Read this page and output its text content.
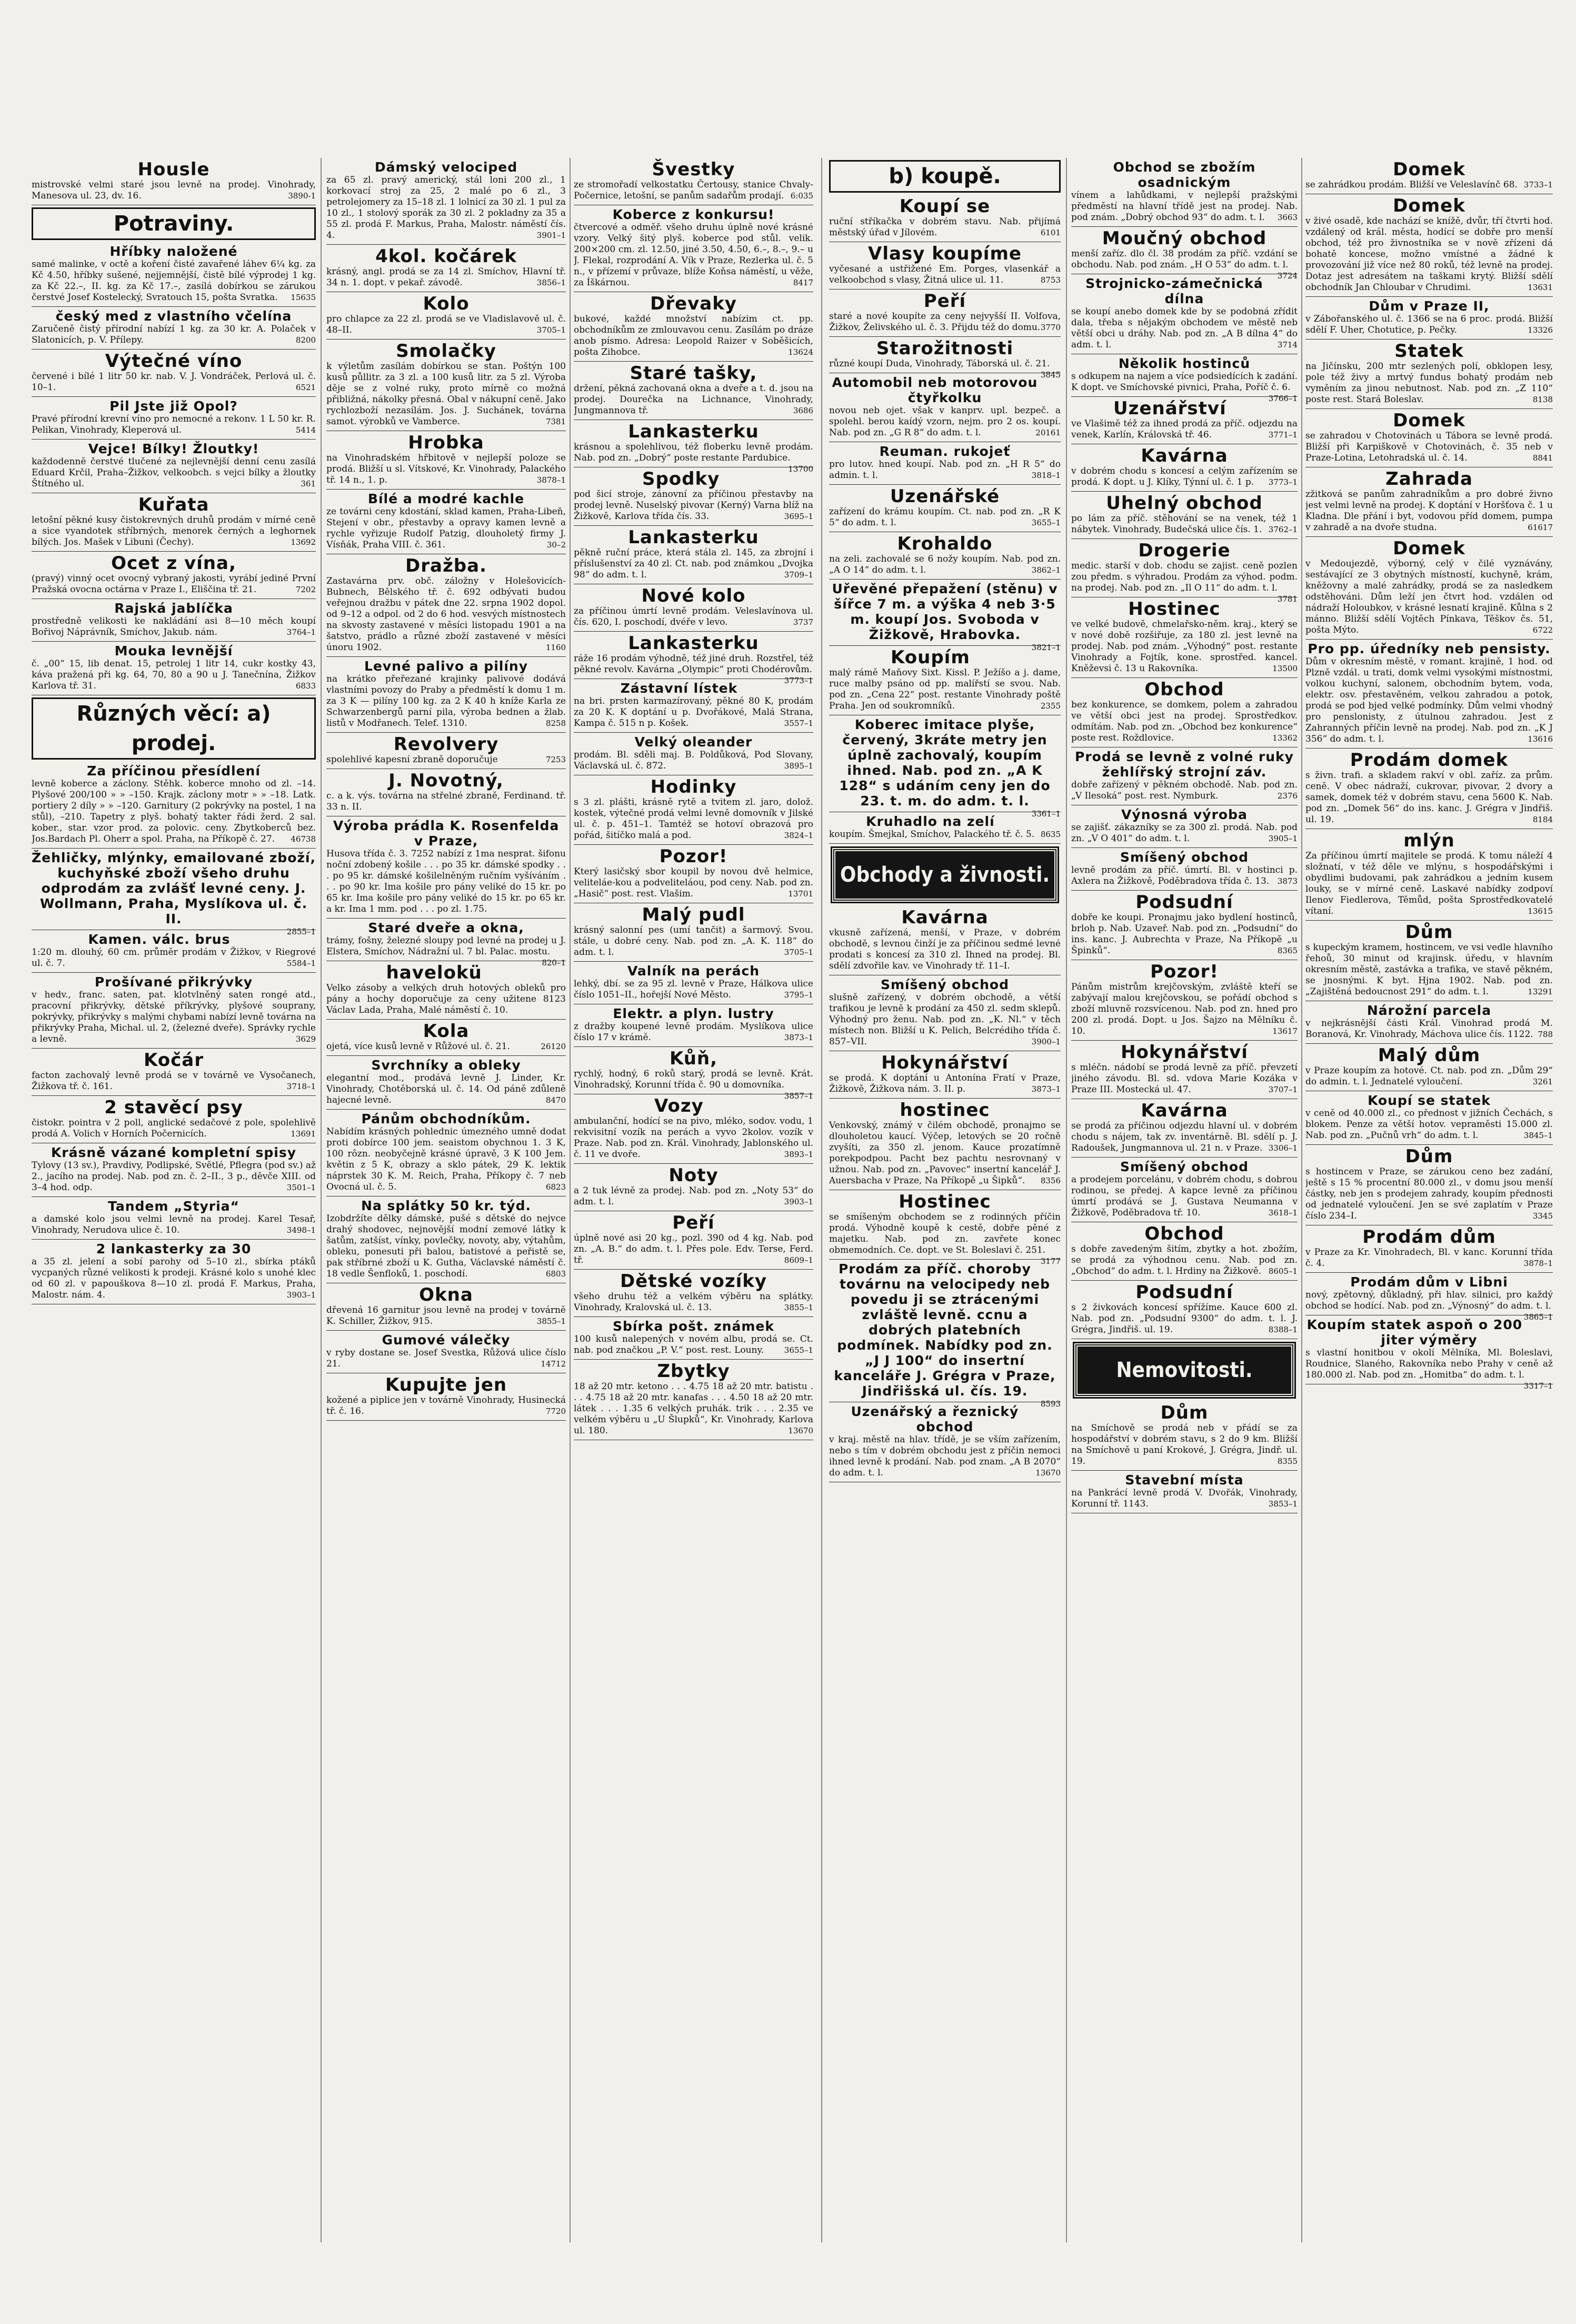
Housle
mistrovské velmi staré jsou levně na prodej. Vinohrady, Manesova ul. 23, dv. 16.	3890-1
Potraviny.
Hříbky naložené
samé malinke, v octě a koření čisté zavařené láhev 6¼ kg. za Kč 4.50, hříbky sušené, nejjemnější, čistě bílé výprodej 1 kg. za Kč 22.–, II. kg. za Kč 17.–, zasílá dobírkou se zárukou čerstvé Josef Kostelecký, Svratouch 15, pošta Svratka. 15635
český med z vlastního včelína
Zaručeně čistý přírodní nabízí 1 kg. za 30 kr. A. Polaček v Slatonicích, p. V. Přílepy.	8200
Výtečné víno
červené i bílé 1 litr 50 kr. nab. V. J. Vondráček, Perlová ul. č. 10–1.	6521
Pil Jste již Opol?
Pravé přírodní krevní víno pro nemocné a rekonv. 1 L 50 kr. R. Pelikan, Vinohrady, Kleperová ul.	5414
Vejce! Bílky! Žloutky!
každodenně čerstvé tlučené za nejlevnější denní cenu zasílá Eduard Krčil, Praha–Žižkov, velkoobch. s vejci bílky a žloutky Štítného ul.	361
Kuřata
letošní pěkné kusy čistokrevných druhů prodám v mírné ceně a sice vyandotek stříbrných, menorek černých a leghornek bílých. Jos. Mašek v Libuni (Čechy).	13692
Ocet z vína,
(pravý) vinný ocet ovocný vybraný jakosti, vyrábí jediné První Pražská ovocna octárna v Praze I., Eliščina tř. 21.	7202
Rajská jablíčka
prostředně velikosti ke nakládání asi 8—10 měch koupí Bořivoj Náprávník, Smíchov, Jakub. nám.	3764–1
Mouka levnější
č. „00“ 15, lib denat. 15, petrolej 1 litr 14, cukr kostky 43, káva pražená při kg. 64, 70, 80 a 90 u J. Tanečnína, Žižkov Karlova tř. 31.	6833
Různých věcí: a) prodej.
Za příčinou přesídlení
levně koberce a záclony. Stěhk. koberce mnoho od zl. –14. Plyšové 200/100 » » –150. Krajk. záclony motr » » –18. Latk. portiery 2 díly » » –120. Garnitury (2 pokrývky na postel, 1 na stůl), –210. Tapetry z plyš. bohatý takter řádi žerd. 2 sal. kober., star. vzor prod. za polovic. ceny. Zbytkoberců bez. Jos.Bardach Pl. Oherr a spol. Praha, na Příkopě č. 27. 46738
Žehličky, mlýnky, emailované zboží, kuchyňské zboží všeho druhu odprodám za zvlášť levné ceny. J. Wollmann, Praha, Myslíkova ul. č. II.
2855–1
Kamen. válc. brus
1:20 m. dlouhý, 60 cm. průměr prodám v Žižkov, v Riegrové ul. č. 7.	5584–1
Prošívané přikrývky
v hedv., franc. saten, pat. klotvlněný saten rongé atd., pracovní přikrývky, dětské příkrývky, plyšové souprany, pokrývky, přikrývky s malými chybami nabízí levně továrna na přikrývky Praha, Michal. ul. 2, (železné dveře). Správky rychle a levně.	3629
Kočár
facton zachovalý levně prodá se v továrně ve Vysočanech, Žižkova tř. č. 161.	3718–1
2 stavěcí psy
čistokr. pointra v 2 poll, anglické sedačové z pole, spolehlivě prodá A. Volich v Horních Počernicích.	13691
Krásně vázané kompletní spisy
Tylovy (13 sv.), Pravdivy, Podlipské, Světlé, Pflegra (pod sv.) až 2., jacího na prodej. Nab. pod zn. č. 2–II., 3 p., děvče XIII. od 3–4 hod. odp.	3501–1
Tandem „Styria“
a damské kolo jsou velmi levně na prodej. Karel Tesař, Vinohrady, Nerudova ulice č. 10.	3498–1
2 lankasterky za 30
a 35 zl. jelení a sobí parohy od 5–10 zl., sbírka ptáků vycpaných různé velikosti k prodeji. Krásné kolo s unohé klec od 60 zl. v papouškova 8—10 zl. prodá F. Markus, Praha, Malostr. nám. 4.	3903–1
Dámský velociped
za 65 zl. pravý americký, stál loni 200 zl., 1 korkovací stroj za 25, 2 malé po 6 zl., 3 petrolejomery za 15–18 zl. 1 lolnicí za 30 zl. 1 pul za 10 zl., 1 stolový sporák za 30 zl. 2 pokladny za 35 a 55 zl. prodá F. Markus, Praha, Malostr. náměstí čís. 4.	3901–1
4kol. kočárek
krásný, angl. prodá se za 14 zl. Smíchov, Hlavní tř. 34 n. 1. dopt. v pekař. závodě.	3856–1
Kolo
pro chlapce za 22 zl. prodá se ve Vladislavově ul. č. 48–II.	3705–1
Smolačky
k výletům zasílám dobírkou se stan. Poštýn 100 kusů půllitr. za 3 zl. a 100 kusů litr. za 5 zl. Výroba děje se z volné ruky, proto mírně co možná přibližná, nákolky přesná. Obal v nákupní ceně. Jako rychlozboží nezasílám. Jos. J. Suchánek, továrna samot. výrobků ve Vamberce.	7381
Hrobka
na Vinohradském hřbitově v nejlepší poloze se prodá. Bližší u sl. Vítskové, Kr. Vinohrady, Palackého tř. 14 n., 1. p.	3878–1
Bílé a modré kachle
ze továrni ceny kdostání, sklad kamen, Praha-Libeň, Stejení v obr., přestavby a opravy kamen levně a rychle vyřizuje Rudolf Patzig, dlouholetý firmy J. Vísňák, Praha VIII. č. 361.	30–2
Dražba.
Zastavárna prv. obč. záložny v Holešovicích-Bubnech, Bělského tř. č. 692 odbývati budou veřejnou dražbu v pátek dne 22. srpna 1902 dopol. od 9–12 a odpol. od 2 do 6 hod. vesvých místnostech na skvosty zastavené v měsíci listopadu 1901 a na šatstvo, prádlo a různé zboží zastavené v měsíci únoru 1902.	1160
Levné palivo a pilíny
na krátko přeřezané krajinky palivové dodává vlastními povozy do Praby a předměstí k domu 1 m. za 3 K — pilíny 100 kg. za 2 K 40 h kníže Karla ze Schwarzenbergů parní pila, výroba bednen a žlab. listů v Modřanech. Telef. 1310.	8258
Revolvery
spolehlivé kapesní zbraně doporučuje	7253
J. Novotný,
c. a k. výs. továrna na střelné zbraně, Ferdinand. tř. 33 n. II.
Výroba prádla K. Rosenfelda v Praze,
Husova třída č. 3. 7252 nabízí z 1ma nesprat. šifonu noční zdobený košile . . . po 35 kr. dámské spodky . . . po 95 kr. dámské košilelněným ručním vyšíváním . . . po 90 kr. Ima košile pro pány veliké do 15 kr. po 65 kr. Ima košile pro pány veliké do 15 kr. po 65 kr. a kr. Ima 1 mm. pod . . . po zl. 1.75.
Staré dveře a okna,
trámy, fošny, železné sloupy pod levné na prodej u J. Elstera, Smíchov, Nádražní ul. 7 bl. Palac. mostu.
820–1
havelokü
Velko zásoby a velkých druh hotových obleků pro pány a hochy doporučuje za ceny užitene 8123 Václav Lada, Praha, Malé náměstí č. 10.
Kola
ojetá, více kusů levně v Růžové ul. č. 21.	26120
Svrchníky a obleky
elegantní mod., prodává levně J. Linder, Kr. Vinohrady, Chotěborská ul. č. 14. Od páně zdůleně hajecné levně.	8470
Pánům obchodníkům.
Nabídím krásných pohlednic úmezného umně dodat proti dobírce 100 jem. seaistom obychnou 1. 3 K, 100 rôzn. neobyčejně krásné úpravě, 3 K 100 Jem. květin z 5 K, obrazy a sklo pátek, 29 K. lektik náprstek 30 K. M. Reich, Praha, Příkopy č. 7 neb Ovocná ul. č. 5.	6823
Na splátky 50 kr. týd.
Izobdržíte dělky dámské, pušé s dětské do nejvce drahý shodovec, nejnovější modní zemové látky k šatům, zatšíst, vínky, povlečky, novoty, aby, výtahům, obleku, ponesuti při balou, batistové a peřistě se, pak stříbrné zboží u K. Gutha, Václavské náměstí č. 18 vedle Šenfloků, 1. poschodí.	6803
Okna
dřevená 16 garnitur jsou levně na prodej v továrně K. Schiller, Žižkov, 915.	3855–1
Gumové válečky
v ryby dostane se. Josef Svestka, Růžová ulice číslo 21.	14712
Kupujte jen
kožené a piplice jen v továrně Vinohrady, Husinecká tř. č. 16.	7720
Švestky
ze stromořadí velkostatku Čertousy, stanice Chvaly-Počernice, letošní, se panům sadařům prodají. 6:035
Koberce z konkursu!
čtvercové a odměř. všeho druhu úplně nové krásné vzory. Velký šitý plyš. koberce pod stůl. velik. 200×200 cm. zl. 12.50, jiné 3.50, 4.50, 6.–, 8.–, 9.– u J. Flekal, rozprodání A. Vík v Praze, Rezlerka ul. č. 5 n., v přízemí v průvaze, blíže Koňsa náměstí, u věže, za Íškárnou.	8417
Dřevaky
bukové, každé množství nabízim ct. pp. obchodníkům ze zmlouvavou cenu. Zasílám po dráze anob písmo. Adresa: Leopold Raizer v Soběšicích, pošta Zihobce.	13624
Staré tašky,
držení, pěkná zachovaná okna a dveře a t. d. jsou na prodej. Dourečka na Lichnance, Vinohrady, Jungmannova tř.	3686
Lankasterku
krásnou a spolehlivou, též floberku levně prodám. Nab. pod zn. „Dobrý“ poste restante Pardubice.
13700
Spodky
pod šicí stroje, zánovní za příčinou přestavby na prodej levně. Nuselský pivovar (Kerný) Varna blíž na Žižkově, Karlova třída čís. 33.	3695–1
Lankasterku
pěkně ruční práce, která stála zl. 145, za zbrojní i příslušenství za 40 zl. Ct. nab. pod známkou „Dvojka 98“ do adm. t. l.	3709–1
Nové kolo
za příčinou úmrtí levně prodám. Veleslavínova ul. čís. 620, I. poschodí, dvéře v levo.	3737
Lankasterku
ráže 16 prodám výhodně, též jiné druh. Rozstřel, též pěkné revolv. Kavárna „Olympic“ proti Chodérovům.
3773–1
Zástavní lístek
na bri. prsten karmazírovaný, pěkné 80 K, prodám za 20 K. K doptání u p. Dvořákové, Malá Strana, Kampa č. 515 n p. Košek.	3557–1
Velký oleander
prodám. Bl. sděli maj. B. Poldůková, Pod Slovany, Václavská ul. č. 872.	3895–1
Hodinky
s 3 zl. plášti, krásně rytě a tvitem zl. jaro, dolož. kostek, výtečné prodá velmi levně domovník v Jilské ul. č. p. 451–1. Tamtéž se hotoví obrazová pro pořád, šitíčko malá a pod.	3824–1
Pozor!
Který lasičský sbor koupil by novou dvě helmice, veliteláe-kou a podveliteláou, pod ceny. Nab. pod zn. „Hasič“ post. rest. Vlašim.	13701
Malý pudl
krásný salonní pes (umí tančit) a šarmový. Svou. stále, u dobré ceny. Nab. pod zn. „A. K. 118“ do adm. t. l.	3705–1
Valník na perách
lehký, dbí. se za 95 zl. levně v Praze, Hálkova ulice číslo 1051–II., hořejší Nové Město.	3795–1
Elektr. a plyn. lustry
z dražby koupené levně prodám. Myslíkova ulice číslo 17 v krámě.	3873–1
Kůň,
rychlý, hodný, 6 roků starý, prodá se levně. Krát. Vinohradský, Korunní třída č. 90 u domovníka.
3857–1
Vozy
ambulanční, hodící se na pivo, mléko, sodov. vodu, 1 rekvisitní vozík na perách a vyvo 2kolov. vozík v Praze. Nab. pod zn. Král. Vinohrady, Jablonského ul. č. 11 ve dvoře.	3893–1
Noty
a 2 tuk lévně za prodej. Nab. pod zn. „Noty 53“ do adm. t. l.	3903–1
Peří
úplně nové asi 20 kg., pozl. 390 od 4 kg. Nab. pod zn. „A. B.“ do adm. t. l. Přes pole. Edv. Terse, Ferd. tř.	8609–1
Dětské vozíky
všeho druhu též a velkém výběru na splátky. Vinohrady, Kralovská ul. č. 13.	3855–1
Sbírka pošt. známek
100 kusů nalepených v novém albu, prodá se. Ct. nab. pod značkou „P. V.“ post. rest. Louny.	3655–1
Zbytky
18 až 20 mtr. ketono . . . 4.75 18 až 20 mtr. batistu . . . 4.75 18 až 20 mtr. kanafas . . . 4.50 18 až 20 mtr. látek . . . 1.35 6 velkých pruhák. trik . . . 2.35 ve velkém výběru u „U Šlupků“, Kr. Vinohrady, Karlova ul. 180.	13670
b) koupě.
Koupí se
ruční stříkačka v dobrém stavu. Nab. přijímá městský úřad v Jílovém.	6101
Vlasy koupíme
vyčesané a ustřižené Em. Porges, vlasenkář a velkoobchod s vlasy, Žitná ulice ul. 11.	8753
Peří
staré a nové koupíte za ceny nejvyšší II. Volfova, Žižkov, Želivského ul. č. 3. Přijdu též do domu. 3770
Starožitnosti
různé koupí Duda, Vinohrady, Táborská ul. č. 21.
3845
Automobil neb motorovou čtyřkolku
novou neb ojet. však v kanprv. upl. bezpeč. a spolehl. berou kaídý vzorn, nejm. pro 2 os. koupí. Nab. pod zn. „G R 8“ do adm. t. l.	20161
Reuman. rukojeť
pro lutov. hned koupí. Nab. pod zn. „H R 5“ do admin. t. l.	3818–1
Uzenářské
zařízení do krámu koupím. Ct. nab. pod zn. „R K 5“ do adm. t. l.	3655–1
Krohaldo
na zeli. zachovalé se 6 nožy koupím. Nab. pod zn. „A O 14“ do adm. t. l.	3862–1
Uřevěné přepažení (stěnu) v šířce 7 m. a výška 4 neb 3·5 m. koupí Jos. Svoboda v Žižkově, Hrabovka.
3821–1
Koupím
malý rámě Maňovy Sixt. Kissl. P. Ježíšo a j. dame, ruce malby psáno od pp. malířstí se svou. Nab. pod zn. „Cena 22“ post. restante Vinohrady poště Praha. Jen od soukromníků.	2355
Koberec imitace plyše, červený, 3kráte metry jen úplně zachovalý, koupím ihned. Nab. pod zn. „A K 128“ s udáním ceny jen do 23. t. m. do adm. t. l.
3361–1
Kruhadlo na zelí
koupím. Šmejkal, Smíchov, Palackého tř. č. 5. 8635
Obchody a živnosti.
Kavárna
vkusně zařízená, menší, v Praze, v dobrém obchodě, s levnou činží je za příčinou sedmé levné prodati s koncesí za 310 zl. Ihned na prodej. Bl. sdělí zdvořile kav. ve Vinohrady tř. 11–I.
Smíšený obchod
slušně zařízený, v dobrém obchodě, a větší trafikou je levně k prodání za 450 zl. sedm sklepů. Výhodný pro ženu. Nab. pod zn. „K. Nl.“ v těch místech non. Bližší u K. Pelich, Belcrédiho třída č. 857–VII.	3900–1
Hokynářství
se prodá. K doptání u Antonína Fratí v Praze, Žižkově, Žižkova nám. 3. II. p.	3873–1
hostinec
Venkovský, známý v čilém obchodě, pronajmo se dlouholetou kaucí. Výčep, letových se 20 ročně zvyšíti, za 350 zl. jenom. Kauce prozatímně porekpodpou. Pacht bez pachtu nesrovnaný v užnou. Nab. pod zn. „Pavovec“ insertní kancelář J. Auersbacha v Praze, Na Příkopě „u Šipků“. 8356
Hostinec
se smíšeným obchodem se z rodinných příčin prodá. Výhodně koupě k cestě, dobře pěné z majetku. Nab. pod zn. zavřete konec obmemodních. Ce. dopt. ve St. Boleslavi č. 251.
3177
Prodám za příč. choroby továrnu na velocipedy neb povedu ji se ztrácenými zvláště levně. ccnu a dobrých platebních podmínek. Nabídky pod zn. „J J 100“ do insertní kanceláře J. Grégra v Praze, Jindřišská ul. čís. 19.
8593
Uzenářský a řeznický obchod
v kraj. městě na hlav. třídě, je se vším zařízením, nebo s tím v dobrém obchodu jest z příčin nemoci ihned levně k prodání. Nab. pod znam. „A B 2070“ do adm. t. l.	13670
Obchod se zbožím osadnickým
vínem a lahůdkami, v nejlepší pražskými předměstí na hlavní třídě jest na prodej. Nab. pod znám. „Dobrý obchod 93“ do adm. t. l. 3663
Moučný obchod
menší zaříz. dlo čl. 38 prodám za příč. vzdání se obchodu. Nab. pod znám. „H O 53“ do adm. t. l.
3724
Strojnicko-zámečnická dílna
se koupí anebo domek kde by se podobná zřídit dala, třeba s nějakým obchodem ve městě neb větší obci u dráhy. Nab. pod zn. „A B dílna 4“ do adm. t. l.	3714
Několik hostinců
s odkupem na najem a více podsiedících k zadání. K dopt. ve Smíchovské pivnici, Praha, Poříč č. 6.
3766–1
Uzenářství
ve Vlašimě též za ihned prodá za příč. odjezdu na venek, Karlín, Královská tř. 46.	3771–1
Kavárna
v dobrém chodu s koncesí a celým zařízením se prodá. K dopt. u J. Klíky, Týnní ul. č. 1 p. 3773–1
Uhelný obchod
po lám za příč. stěhování se na venek, též 1 nábytek. Vinohrady, Budečská ulice čís. 1. 3762–1
Drogerie
medic. starší v dob. chodu se zajist. ceně pozlen zou předm. s výhradou. Prodám za výhod. podm. na prodej. Nab. pod zn. „Il O 11“ do adm. t. l.
3781
Hostinec
ve velké budově, chmelařsko-něm. kraj., který se v nové době rozšiřuje, za 180 zl. jest levně na prodej. Nab. pod znám. „Výhodný“ post. restante Vinohrady a Fojtík, kone. sprostřed. kancel. Kněževsi č. 13 u Rakovníka.	13500
Obchod
bez konkurence, se domkem, polem a zahradou ve větší obci jest na prodej. Sprostředkov. odmítám. Nab. pod zn. „Obchod bez konkurence“ poste rest. Roždlovice.	13362
Prodá se levně z volné ruky žehlířský strojní záv.
dobře zařízený v pěkném obchodě. Nab. pod zn. „V Ilesoká“ post. rest. Nymburk.	2376
Výnosná výroba
se zajišť. zákazníky se za 300 zl. prodá. Nab. pod zn. „V O 401“ do adm. t. l.	3905–1
Smíšený obchod
levně prodám za příč. úmrtí. Bl. v hostinci p. Axlera na Žižkově, Poděbradova třída č. 13. 3873
Podsudní
dobře ke koupi. Pronajmu jako bydlení hostinců, brloh p. Nab. Uzaveř. Nab. pod zn. „Podsudní“ do ins. kanc. J. Aubrechta v Praze, Na Příkopě „u Špinků“.	8365
Pozor!
Pánům mistrům krejčovským, zvláště kteří se zabývají malou krejčovskou, se pořádí obchod s zboží mluvně rozsvícenou. Nab. pod zn. hned pro 200 zl. prodá. Dopt. u Jos. Šajzo na Mělníku č. 10.	13617
Hokynářství
s mléčn. nádobí se prodá levně za příč. převzetí jiného závodu. Bl. sd. vdova Marie Kozáka v Praze III. Mostecká ul. 47.	3707–1
Kavárna
se prodá za příčinou odjezdu hlavní ul. v dobrém chodu s nájem, tak zv. inventárně. Bl. sdělí p. J. Radoušek, Jungmannova ul. 21 n. v Praze. 3306–1
Smíšený obchod
a prodejem porcelánu, v dobrém chodu, s dobrou rodinou, se předej. A kapce levně za příčinou úmrtí prodává se J. Gustava Neumanna v Žižkově, Poděbradova tř. 10.	3618–1
Obchod
s dobře zavedeným šitím, zbytky a hot. zbožím, se prodá za výhodnou cenu. Nab. pod zn. „Obchod“ do adm. t. l. Hrdiny na Žižkově. 8605–1
Podsudní
s 2 živkovách koncesí spřížíme. Kauce 600 zl. Nab. pod zn. „Podsudní 9300“ do adm. t. l. J. Grégra, Jindřiš. ul. 19.	8388–1
Nemovitosti.
Dům
na Smíchově se prodá neb v přádí se za hospodářství v dobrém stavu, s 2 do 9 km. Bližší na Smíchově u paní Krokové, J. Grégra, Jindř. ul. 19.	8355
Stavební místa
na Pankrácí levně prodá V. Dvořák, Vinohrady, Korunní tř. 1143.	3853–1
Domek
se zahrádkou prodám. Bližší ve Veleslavínč 68. 3733–1
Domek
v živé osadě, kde nachází se knížě, dvůr, tří čtvrti hod. vzdálený od král. města, hodící se dobře pro menší obchod, též pro živnostníka se v nově zřízeni dá bohatě koncese, možno vmístné a žádné k provozování již více než 80 roků, též levně na prodej. Dotaz jest adresátem na taškami krytý. Bližší sdělí obchodník Jan Chloubar v Chrudimi.	13631
Dům v Praze II,
v Zábořanského ul. č. 1366 se na 6 proc. prodá. Bližší sdělí F. Uher, Chotutice, p. Pečky.	13326
Statek
na Jičínsku, 200 mtr sezlených polí, obklopen lesy, pole též živy a mrtvý fundus bohatý prodám neb vyměním za jinou nebutnost. Nab. pod zn. „Z 110“ poste rest. Stará Boleslav.	8138
Domek
se zahradou v Chotovinách u Tábora se levně prodá. Bližší při Karpiškově v Chotovinách, č. 35 neb v Praze-Lotina, Letohradská ul. č. 14.	8841
Zahrada
zžitková se panům zahradníkům a pro dobré živno jest velmi levně na prodej. K doptání v Horšťova č. 1 u Kladna. Dle přání i byt, vodovou příd domem, pumpa v zahradě a na dvoře studna.	61617
Domek
v Medoujezdě, výborný, celý v čilé vyznávány, sestávající ze 3 obytných místností, kuchyně, krám, kněžovny a malé zahrádky, prodá se za nasledkem odstěhováni. Dům leží jen čtvrt hod. vzdálen od nádraží Holoubkov, v krásné lesnatí krajině. Kůlna s 2 mánno. Bližší sdělí Vojtěch Pínkava, Těškov čs. 51, pošta Mýto.	6722
Pro pp. úředníky neb pensisty.
Dům v okresním městě, v romant. krajině, 1 hod. od Plzně vzdál. u trati, domk velmi vysokými místnostmi, volkou kuchyní, salonem, obchodním bytem, voda, elektr. osv. přestavěném, velkou zahradou a potok, prodá se pod bjed velké podmínky. Dům velmi vhodný pro penslonisty, z útulnou zahradou. Jest z Zahranných příčin levně na prodej. Nab. pod zn. „K J 356“ do adm. t. l.	13616
Prodám domek
s živn. trafi. a skladem rakví v obl. zaříz. za prům. ceně. V obec nádraží, cukrovar, pivovar, 2 dvory a samek, domek též v dobrém stavu, cena 5600 K. Nab. pod zn. „Domek 56“ do ins. kanc. J. Grégra v Jindřiš. ul. 19.	8184
mlýn
Za příčinou úmrtí majitele se prodá. K tomu náleží 4 složnatí, v též děle ve mlýnu, s hospodářskými i obydlimi budovami, pak zahrádkou a jedním kusem louky, se v mírné ceně. Laskavé nabídky zodpoví Ilenov Fiedlerova, Těmůd, pošta Sprostředkovatelé vítaní.	13615
Dům
s kupeckým kramem, hostincem, ve vsi vedle hlavního řehoů, 30 minut od krajinsk. úředu, v hlavním okresním městě, zastávka a trafika, ve stavě pěkném, se jnosnými. K byt. Hjna 1902. Nab. pod zn. „Zajištěná bedoucnost 291“ do adm. t. l.	13291
Nárožní parcela
v nejkrásnější části Král. Vinohrad prodá M. Boranová, Kr. Vinohrady, Máchova ulice čís. 1122. 788
Malý dům
v Praze koupím za hotové. Ct. nab. pod zn. „Dům 29“ do admin. t. l. Jednatelé vyloučení.	3261
Koupí se statek
v ceně od 40.000 zl., co přednost v jižních Čechách, s blokem. Penze za větší hotov. vepraměsti 15.000 zl. Nab. pod zn. „Pučnů vrh“ do adm. t. l.	3845–1
Dům
s hostincem v Praze, se zárukou ceno bez zadání, ještě s 15 % procentní 80.000 zl., v domu jsou menší částky, neb jen s prodejem zahrady, koupím přednosti od jednatelé vyloučení. Jen se své zaplatím v Praze číslo 234–I.	3345
Prodám dům
v Praze za Kr. Vinohradech, Bl. v kanc. Korunní třída č. 4.	3878–1
Prodám dům v Libni
nový, zpětovný, důkladný, při hlav. silnici, pro každý obchod se hodící. Nab. pod zn. „Výnosný“ do adm. t. l.
3865–1
Koupím statek aspoň o 200 jiter výměry
s vlastní honitbou v okolí Mělníka, Ml. Boleslavi, Roudnice, Slaného, Rakovníka nebo Prahy v ceně až 180.000 zl. Nab. pod zn. „Homitba“ do adm. t. l.
3317–1
